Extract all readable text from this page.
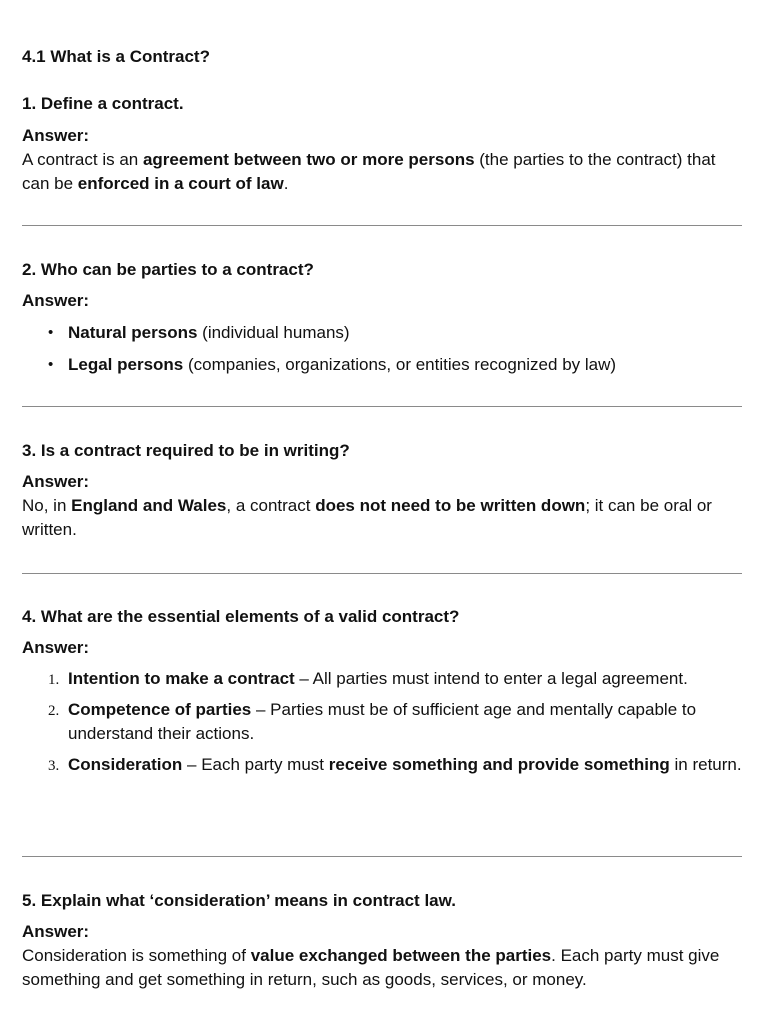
4.1 What is a Contract?

1. Define a contract.

Answer:

A contract is an agreement between two or more persons (the parties to the contract) that can be enforced in a court of law.

2. Who can be parties to a contract?

Answer:

• Natural persons (individual humans)
• Legal persons (companies, organizations, or entities recognized by law)

3. Is a contract required to be in writing?

Answer:

No, in England and Wales, a contract does not need to be written down; it can be oral or written.

4. What are the essential elements of a valid contract?

Answer:

1. Intention to make a contract – All parties must intend to enter a legal agreement.
2. Competence of parties – Parties must be of sufficient age and mentally capable to understand their actions.
3. Consideration – Each party must receive something and provide something in return.

5. Explain what ‘consideration’ means in contract law.

Answer:

Consideration is something of value exchanged between the parties. Each party must give something and get something in return, such as goods, services, or money.
